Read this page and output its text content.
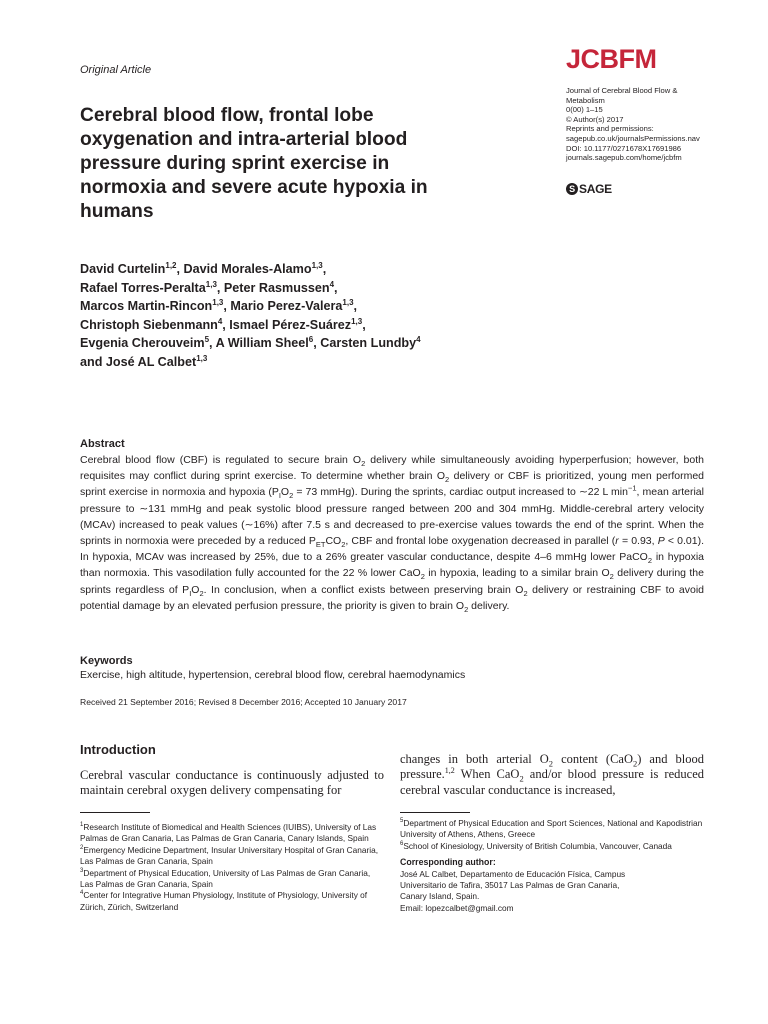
Original Article
Cerebral blood flow, frontal lobe oxygenation and intra-arterial blood pressure during sprint exercise in normoxia and severe acute hypoxia in humans
JCBFM
Journal of Cerebral Blood Flow &
Metabolism
0(00) 1–15
© Author(s) 2017
Reprints and permissions:
sagepub.co.uk/journalsPermissions.nav
DOI: 10.1177/0271678X17691986
journals.sagepub.com/home/jcbfm
S SAGE
David Curtelin$^{1,2}$, David Morales-Alamo$^{1,3}$,
Rafael Torres-Peralta$^{1,3}$, Peter Rasmussen$^4$,
Marcos Martin-Rincon$^{1,3}$, Mario Perez-Valera$^{1,3}$,
Christoph Siebenmann$^4$, Ismael Pérez-Suárez$^{1,3}$,
Evgenia Cherouveim$^5$, A William Sheel$^6$, Carsten Lundby$^4$
and José AL Calbet$^{1,3}$
Abstract
Cerebral blood flow (CBF) is regulated to secure brain $O_2$ delivery while simultaneously avoiding hyperperfusion; however, both requisites may conflict during sprint exercise. To determine whether brain $O_2$ delivery or CBF is prioritized, young men performed sprint exercise in normoxia and hypoxia ($P_IO_2 = 73$ mmHg). During the sprints, cardiac output increased to ∼22 L $\min^{-1}$, mean arterial pressure to ∼131 mmHg and peak systolic blood pressure ranged between 200 and 304 mmHg. Middle-cerebral artery velocity (MCAv) increased to peak values (∼16%) after 7.5 s and decreased to pre-exercise values towards the end of the sprint. When the sprints in normoxia were preceded by a reduced $P_{ET}CO_2$, CBF and frontal lobe oxygenation decreased in parallel (r = 0.93, P < 0.01). In hypoxia, MCAv was increased by 25%, due to a 26% greater vascular conductance, despite 4–6 mmHg lower PaCO$_2$ in hypoxia than normoxia. This vasodilation fully accounted for the 22 % lower CaO$_2$ in hypoxia, leading to a similar brain $O_2$ delivery during the sprints regardless of $P_IO_2$. In conclusion, when a conflict exists between preserving brain $O_2$ delivery or restraining CBF to avoid potential damage by an elevated perfusion pressure, the priority is given to brain $O_2$ delivery.
Keywords
Exercise, high altitude, hypertension, cerebral blood flow, cerebral haemodynamics
Received 21 September 2016; Revised 8 December 2016; Accepted 10 January 2017
Introduction
Cerebral vascular conductance is continuously adjusted to maintain cerebral oxygen delivery compensating for
changes in both arterial $O_2$ content (CaO$_2$) and blood pressure.$^{1,2}$ When CaO$_2$ and/or blood pressure is reduced cerebral vascular conductance is increased,

$^1$Research Institute of Biomedical and Health Sciences (IUIBS), University of Las Palmas de Gran Canaria, Las Palmas de Gran Canaria, Canary Islands, Spain

$^2$Emergency Medicine Department, Insular Universitary Hospital of Gran Canaria, Las Palmas de Gran Canaria, Spain

$^3$Department of Physical Education, University of Las Palmas de Gran Canaria, Las Palmas de Gran Canaria, Spain

$^4$Center for Integrative Human Physiology, Institute of Physiology, University of Zürich, Zürich, Switzerland

$^5$Department of Physical Education and Sport Sciences, National and Kapodistrian University of Athens, Athens, Greece

$^6$School of Kinesiology, University of British Columbia, Vancouver, Canada

Corresponding author:

José AL Calbet, Departamento de Educación Física, Campus

Universitario de Tafira, 35017 Las Palmas de Gran Canaria,

Canary Island, Spain.

Email: lopezcalbet@gmail.com
